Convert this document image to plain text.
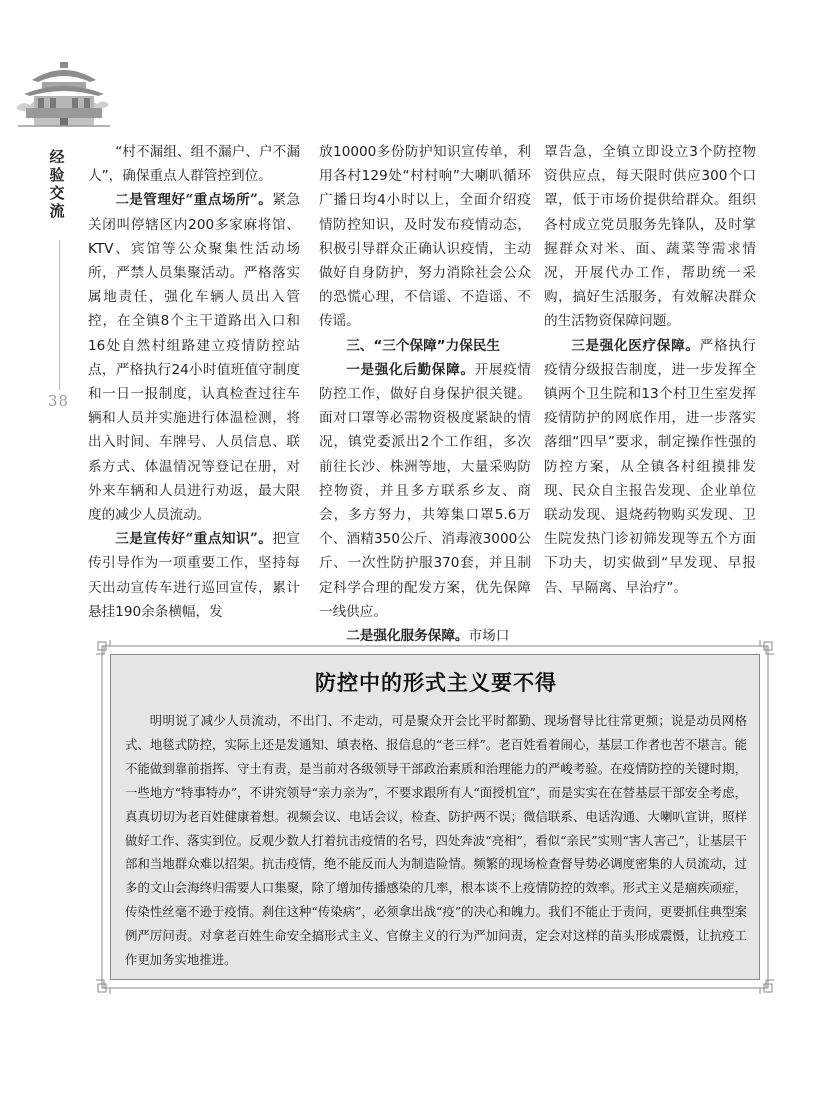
经验交流
38

“村不漏组、组不漏户、户不漏人”，确保重点人群管控到位。

二是管理好“重点场所”。紧急关闭叫停辖区内200多家麻将馆、KTV、宾馆等公众聚集性活动场所，严禁人员集聚活动。严格落实属地责任，强化车辆人员出入管控，在全镇8个主干道路出入口和16处自然村组路建立疫情防控站点，严格执行24小时值班值守制度和一日一报制度，认真检查过往车辆和人员并实施进行体温检测，将出入时间、车牌号、人员信息、联系方式、体温情况等登记在册，对外来车辆和人员进行劝返，最大限度的减少人员流动。

三是宣传好“重点知识”。把宣传引导作为一项重要工作，坚持每天出动宣传车进行巡回宣传，累计悬挂190余条横幅，发

放10000多份防护知识宣传单，利用各村129处“村村响”大喇叭循环广播日均4小时以上，全面介绍疫情防控知识，及时发布疫情动态，积极引导群众正确认识疫情，主动做好自身防护，努力消除社会公众的恐慌心理，不信谣、不造谣、不传谣。

三、“三个保障”力保民生

一是强化后勤保障。开展疫情防控工作，做好自身保护很关键。面对口罩等必需物资极度紧缺的情况，镇党委派出2个工作组，多次前往长沙、株洲等地，大量采购防控物资，并且多方联系乡友、商会，多方努力，共筹集口罩5.6万个、酒精350公斤、消毒液3000公斤、一次性防护服370套，并且制定科学合理的配发方案，优先保障一线供应。

二是强化服务保障。市场口

罩告急，全镇立即设立3个防控物资供应点，每天限时供应300个口罩，低于市场价提供给群众。组织各村成立党员服务先锋队，及时掌握群众对米、面、蔬菜等需求情况，开展代办工作，帮助统一采购，搞好生活服务，有效解决群众的生活物资保障问题。

三是强化医疗保障。严格执行疫情分级报告制度，进一步发挥全镇两个卫生院和13个村卫生室发挥疫情防护的网底作用，进一步落实落细“四早”要求，制定操作性强的防控方案，从全镇各村组摸排发现、民众自主报告发现、企业单位联动发现、退烧药物购买发现、卫生院发热门诊初筛发现等五个方面下功夫，切实做到“早发现、早报告、早隔离、早治疗”。

防控中的形式主义要不得

明明说了减少人员流动，不出门、不走动，可是聚众开会比平时都勤、现场督导比往常更频；说是动员网格式、地毯式防控，实际上还是发通知、填表格、报信息的“老三样”。老百姓看着闹心，基层工作者也苦不堪言。能不能做到靠前指挥、守土有责，是当前对各级领导干部政治素质和治理能力的严峻考验。在疫情防控的关键时期，一些地方“特事特办”，不讲究领导“亲力亲为”，不要求跟所有人“面授机宜”，而是实实在在替基层干部安全考虑，真真切切为老百姓健康着想。视频会议、电话会议，检查、防护两不误；微信联系、电话沟通、大喇叭宣讲，照样做好工作、落实到位。反观少数人打着抗击疫情的名号，四处奔波“亮相”，看似“亲民”实则“害人害己”，让基层干部和当地群众难以招架。抗击疫情，绝不能反而人为制造险情。频繁的现场检查督导势必调度密集的人员流动，过多的文山会海终归需要人口集聚，除了增加传播感染的几率，根本谈不上疫情防控的效率。形式主义是痼疾顽症，传染性丝毫不逊于疫情。刹住这种“传染病”，必须拿出战“疫”的决心和魄力。我们不能止于责问，更要抓住典型案例严厉问责。对拿老百姓生命安全搞形式主义、官僚主义的行为严加问责，定会对这样的苗头形成震慑，让抗疫工作更加务实地推进。
